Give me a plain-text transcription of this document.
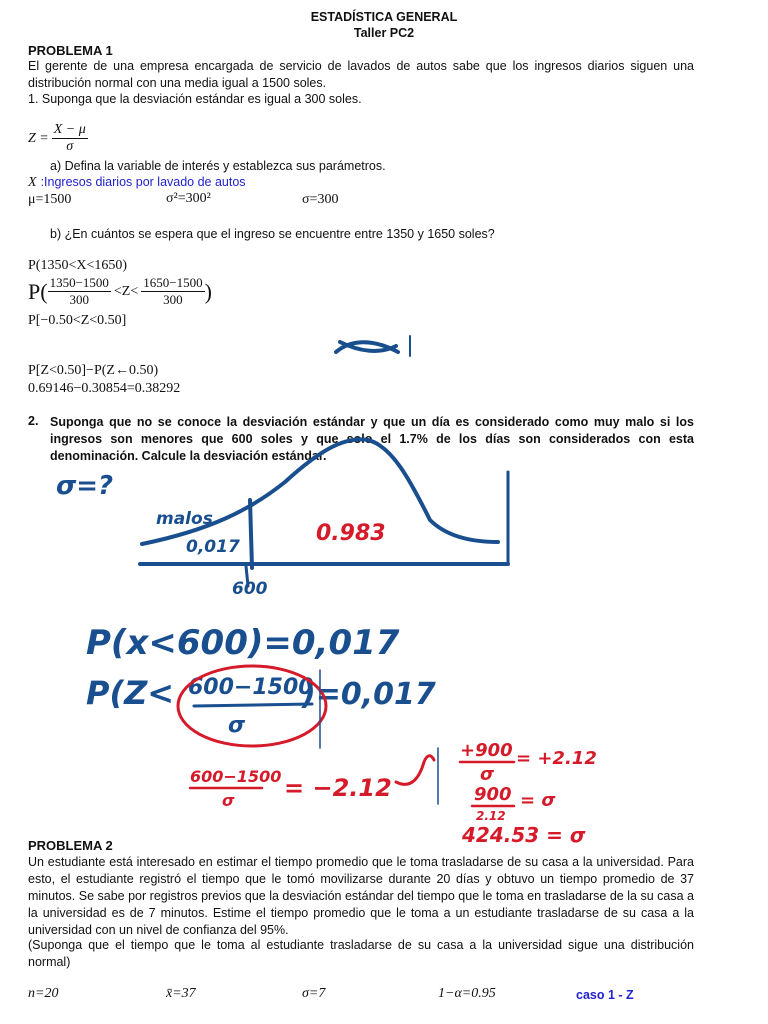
ESTADÍSTICA GENERAL
Taller PC2
PROBLEMA 1
El gerente de una empresa encargada de servicio de lavados de autos sabe que los ingresos diarios siguen una distribución normal con una media igual a 1500 soles.
1. Suponga que la desviación estándar es igual a 300 soles.
$Z = \frac{X - \mu}{\sigma}$
a) Defina la variable de interés y establezca sus parámetros.
X :Ingresos diarios por lavado de autos
μ=1500	σ²=300²	σ=300
b) ¿En cuántos se espera que el ingreso se encuentre entre 1350 y 1650 soles?
P(1350<X<1650)
$P( \frac{1350-1500}{300} <Z< \frac{1650-1500}{300}$ )
P[−0.50<Z<0.50]
P[Z<0.50]−P(Z←0.50)
0.69146−0.30854=0.38292
2. Suponga que no se conoce la desviación estándar y que un día es considerado como muy malo si los ingresos son menores que 600 soles y que solo el 1.7% de los días son considerados con esta denominación. Calcule la desviación estándar.
σ=?
malos
0,017
0.983
600
P(x<600)=0,017
P(Z< 600−1500
σ
)=0,017
600−1500
σ = −2.12
+900
σ
= +2.12
900
2.12
= σ
424.53 = σ
PROBLEMA 2
Un estudiante está interesado en estimar el tiempo promedio que le toma trasladarse de su casa a la universidad. Para esto, el estudiante registró el tiempo que le tomó movilizarse durante 20 días y obtuvo un tiempo promedio de 37 minutos. Se sabe por registros previos que la desviación estándar del tiempo que le toma en trasladarse de la su casa a la universidad es de 7 minutos. Estime el tiempo promedio que le toma a un estudiante trasladarse de su casa a la universidad con un nivel de confianza del 95%.
(Suponga que el tiempo que le toma al estudiante trasladarse de su casa a la universidad sigue una distribución normal)
n=20	x̄=37	σ=7	1−α=0.95	caso 1 - Z
